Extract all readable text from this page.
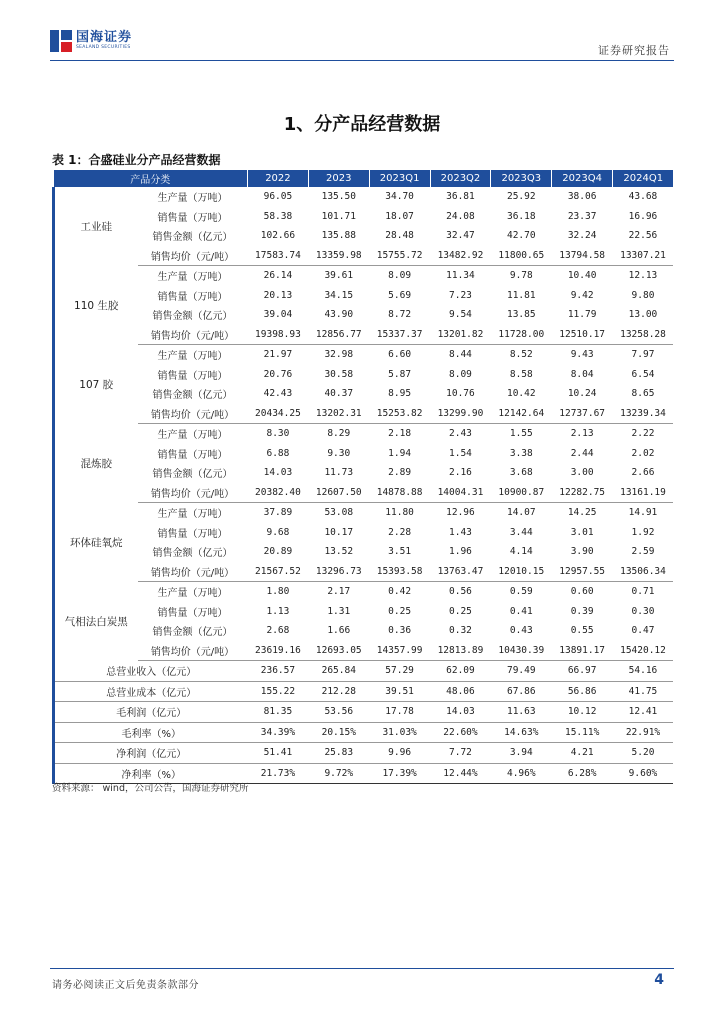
国海证券
SEALAND SECURITIES	证券研究报告
1、分产品经营数据
表 1：合盛硅业分产品经营数据
产品分类		2022	2023	2023Q1	2023Q2	2023Q3	2023Q4	2024Q1
工业硅	生产量（万吨）	96.05	135.50	34.70	36.81	25.92	38.06	43.68
	销售量（万吨）	58.38	101.71	18.07	24.08	36.18	23.37	16.96
	销售金额（亿元）	102.66	135.88	28.48	32.47	42.70	32.24	22.56
	销售均价（元/吨）	17583.74	13359.98	15755.72	13482.92	11800.65	13794.58	13307.21
110 生胶	生产量（万吨）	26.14	39.61	8.09	11.34	9.78	10.40	12.13
	销售量（万吨）	20.13	34.15	5.69	7.23	11.81	9.42	9.80
	销售金额（亿元）	39.04	43.90	8.72	9.54	13.85	11.79	13.00
	销售均价（元/吨）	19398.93	12856.77	15337.37	13201.82	11728.00	12510.17	13258.28
107 胶	生产量（万吨）	21.97	32.98	6.60	8.44	8.52	9.43	7.97
	销售量（万吨）	20.76	30.58	5.87	8.09	8.58	8.04	6.54
	销售金额（亿元）	42.43	40.37	8.95	10.76	10.42	10.24	8.65
	销售均价（元/吨）	20434.25	13202.31	15253.82	13299.90	12142.64	12737.67	13239.34
混炼胶	生产量（万吨）	8.30	8.29	2.18	2.43	1.55	2.13	2.22
	销售量（万吨）	6.88	9.30	1.94	1.54	3.38	2.44	2.02
	销售金额（亿元）	14.03	11.73	2.89	2.16	3.68	3.00	2.66
	销售均价（元/吨）	20382.40	12607.50	14878.88	14004.31	10900.87	12282.75	13161.19
环体硅氧烷	生产量（万吨）	37.89	53.08	11.80	12.96	14.07	14.25	14.91
	销售量（万吨）	9.68	10.17	2.28	1.43	3.44	3.01	1.92
	销售金额（亿元）	20.89	13.52	3.51	1.96	4.14	3.90	2.59
	销售均价（元/吨）	21567.52	13296.73	15393.58	13763.47	12010.15	12957.55	13506.34
气相法白炭黑	生产量（万吨）	1.80	2.17	0.42	0.56	0.59	0.60	0.71
	销售量（万吨）	1.13	1.31	0.25	0.25	0.41	0.39	0.30
	销售金额（亿元）	2.68	1.66	0.36	0.32	0.43	0.55	0.47
	销售均价（元/吨）	23619.16	12693.05	14357.99	12813.89	10430.39	13891.17	15420.12
总营业收入（亿元）		236.57	265.84	57.29	62.09	79.49	66.97	54.16
总营业成本（亿元）		155.22	212.28	39.51	48.06	67.86	56.86	41.75
毛利润（亿元）		81.35	53.56	17.78	14.03	11.63	10.12	12.41
毛利率（%）		34.39%	20.15%	31.03%	22.60%	14.63%	15.11%	22.91%
净利润（亿元）		51.41	25.83	9.96	7.72	3.94	4.21	5.20
净利率（%）		21.73%	9.72%	17.39%	12.44%	4.96%	6.28%	9.60%
资料来源： wind，公司公告，国海证券研究所
请务必阅读正文后免责条款部分	4
